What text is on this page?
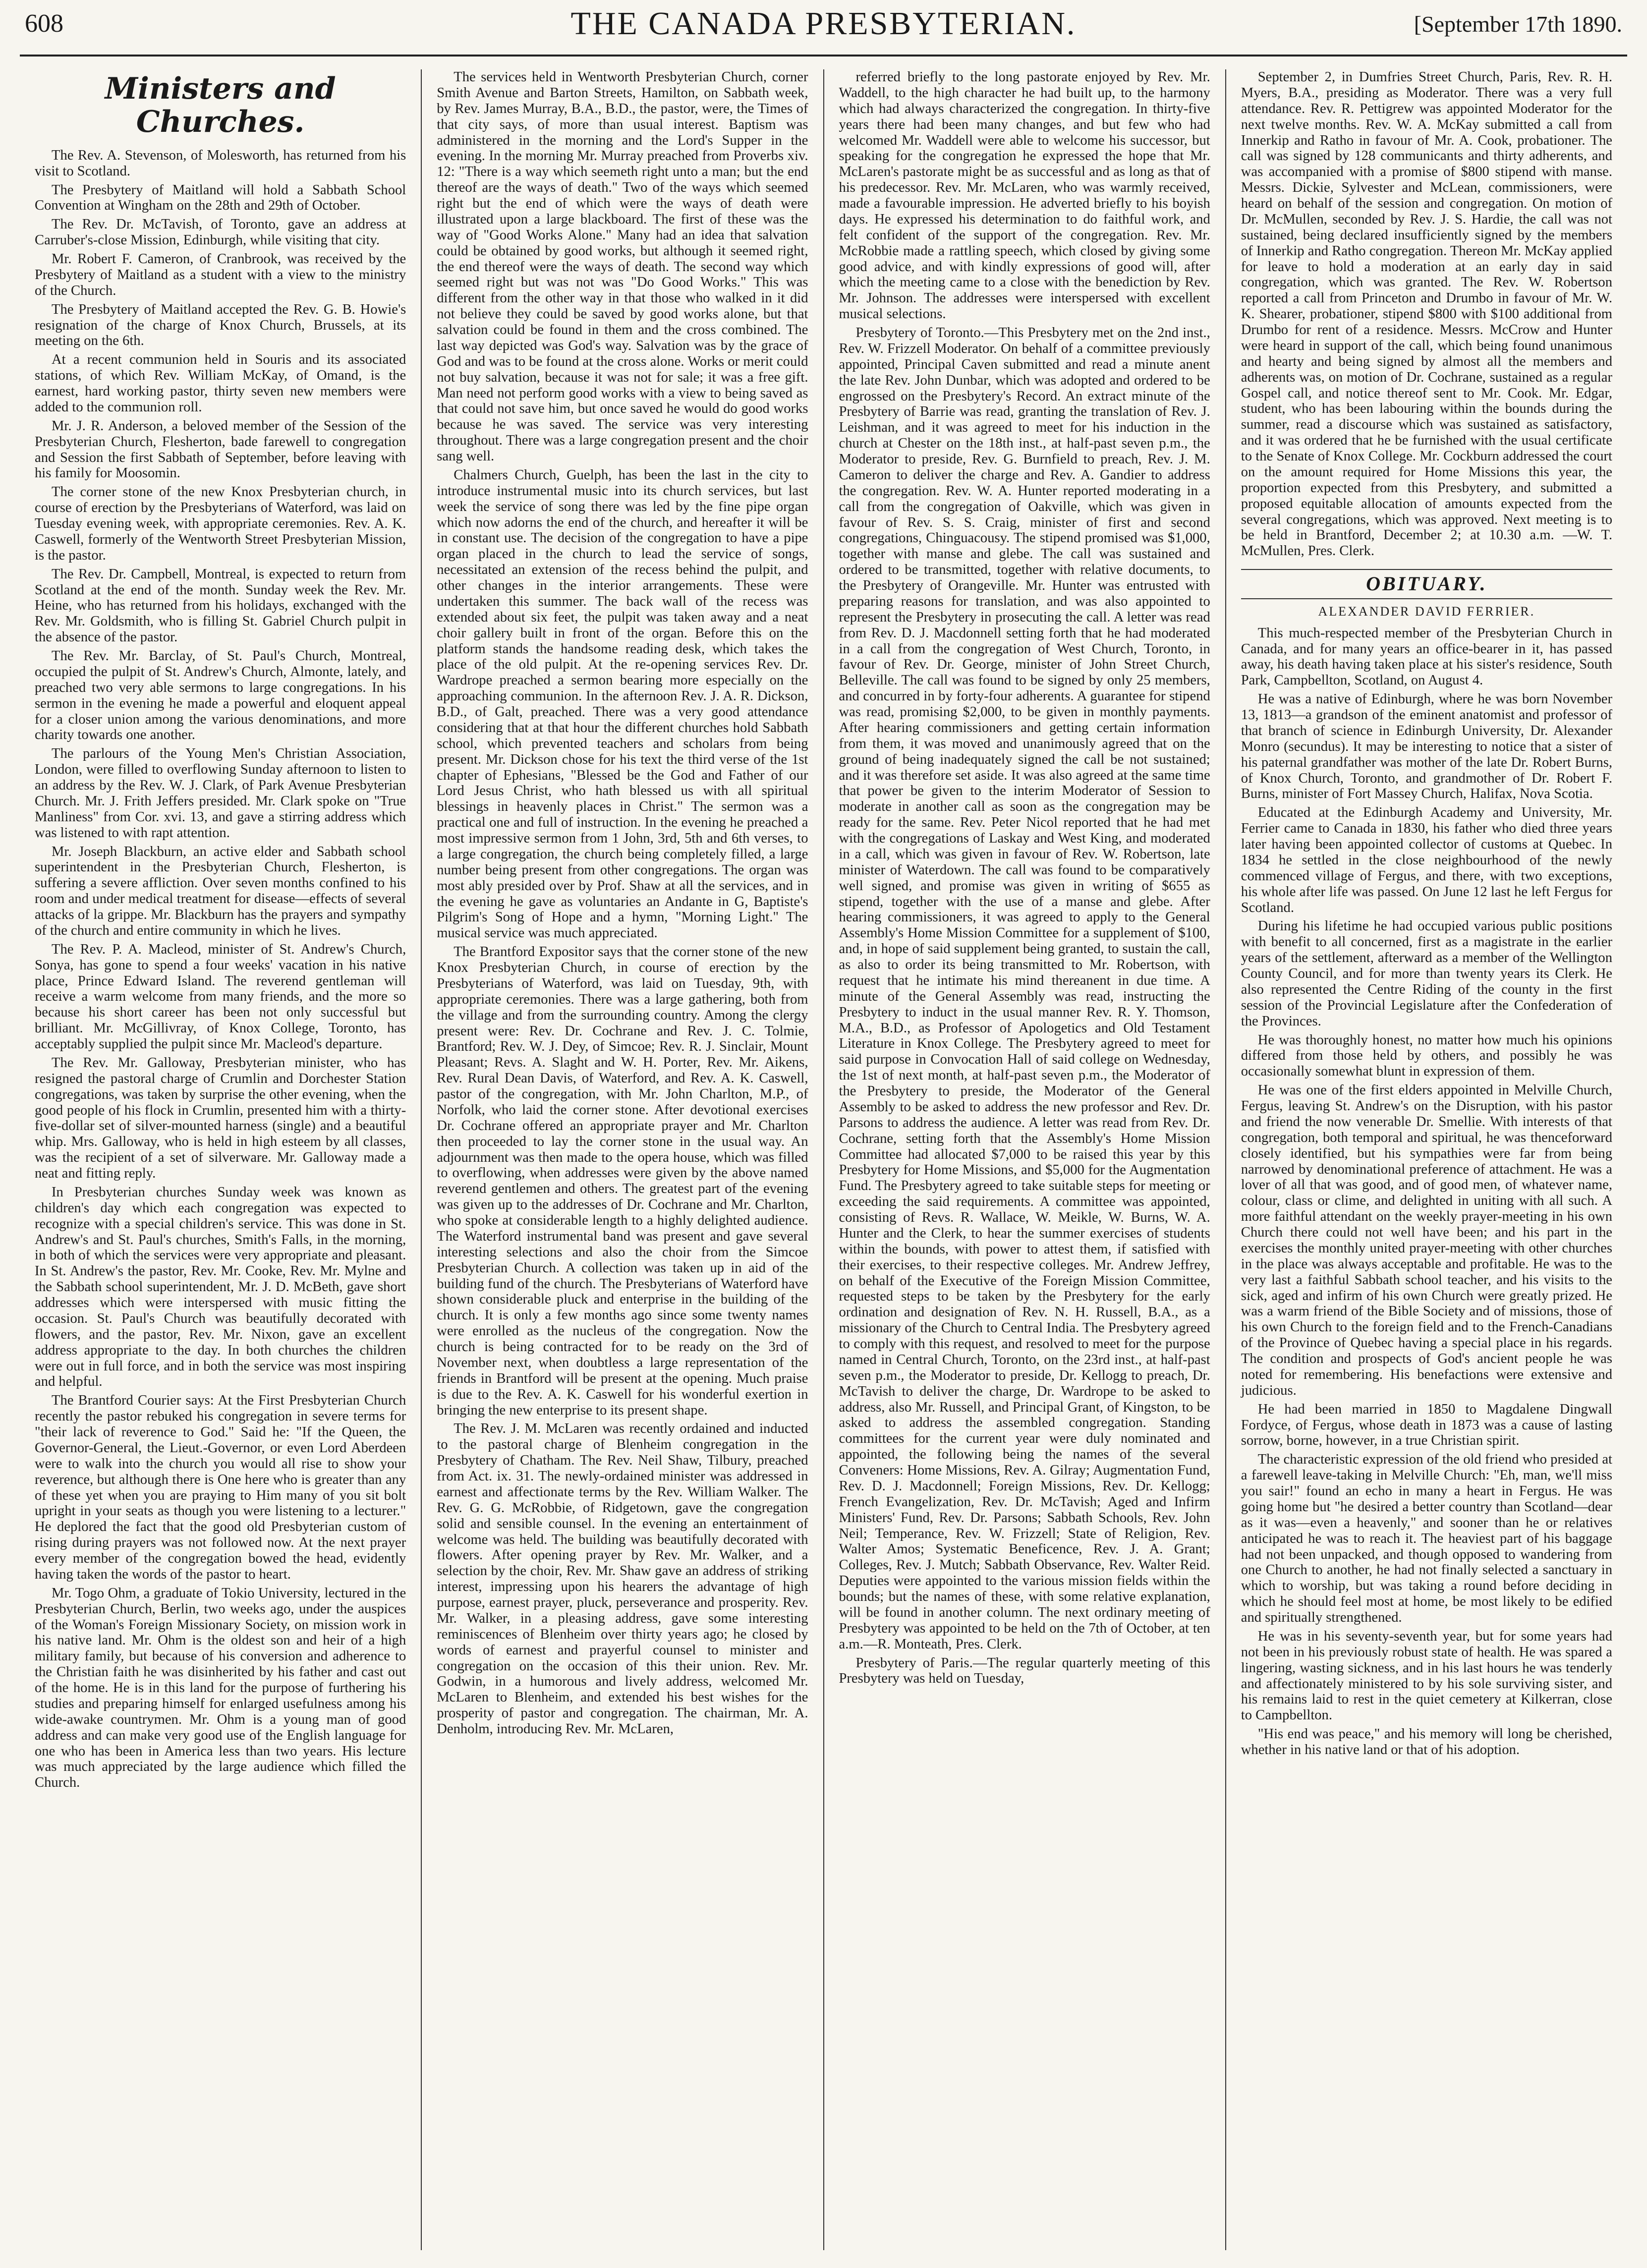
608	THE CANADA PRESBYTERIAN.	[September 17th 1890.
Ministers and Churches.

The Rev. A. Stevenson, of Molesworth, has returned from his visit to Scotland.

The Presbytery of Maitland will hold a Sabbath School Convention at Wingham on the 28th and 29th of October.

The Rev. Dr. McTavish, of Toronto, gave an address at Carruber's-close Mission, Edinburgh, while visiting that city.

Mr. Robert F. Cameron, of Cranbrook, was received by the Presbytery of Maitland as a student with a view to the ministry of the Church.

The Presbytery of Maitland accepted the Rev. G. B. Howie's resignation of the charge of Knox Church, Brussels, at its meeting on the 6th.

At a recent communion held in Souris and its associated stations, of which Rev. William McKay, of Omand, is the earnest, hard working pastor, thirty seven new members were added to the communion roll.

Mr. J. R. Anderson, a beloved member of the Session of the Presbyterian Church, Flesherton, bade farewell to congregation and Session the first Sabbath of September, before leaving with his family for Moosomin.

The corner stone of the new Knox Presbyterian church, in course of erection by the Presbyterians of Waterford, was laid on Tuesday evening week, with appropriate ceremonies. Rev. A. K. Caswell, formerly of the Wentworth Street Presbyterian Mission, is the pastor.

The Rev. Dr. Campbell, Montreal, is expected to return from Scotland at the end of the month. Sunday week the Rev. Mr. Heine, who has returned from his holidays, exchanged with the Rev. Mr. Goldsmith, who is filling St. Gabriel Church pulpit in the absence of the pastor.

The Rev. Mr. Barclay, of St. Paul's Church, Montreal, occupied the pulpit of St. Andrew's Church, Almonte, lately, and preached two very able sermons to large congregations. In his sermon in the evening he made a powerful and eloquent appeal for a closer union among the various denominations, and more charity towards one another.

The parlours of the Young Men's Christian Association, London, were filled to overflowing Sunday afternoon to listen to an address by the Rev. W. J. Clark, of Park Avenue Presbyterian Church. Mr. J. Frith Jeffers presided. Mr. Clark spoke on "True Manliness" from Cor. xvi. 13, and gave a stirring address which was listened to with rapt attention.

Mr. Joseph Blackburn, an active elder and Sabbath school superintendent in the Presbyterian Church, Flesherton, is suffering a severe affliction. Over seven months confined to his room and under medical treatment for disease—effects of several attacks of la grippe. Mr. Blackburn has the prayers and sympathy of the church and entire community in which he lives.

The Rev. P. A. Macleod, minister of St. Andrew's Church, Sonya, has gone to spend a four weeks' vacation in his native place, Prince Edward Island. The reverend gentleman will receive a warm welcome from many friends, and the more so because his short career has been not only successful but brilliant. Mr. McGillivray, of Knox College, Toronto, has acceptably supplied the pulpit since Mr. Macleod's departure.

The Rev. Mr. Galloway, Presbyterian minister, who has resigned the pastoral charge of Crumlin and Dorchester Station congregations, was taken by surprise the other evening, when the good people of his flock in Crumlin, presented him with a thirty-five-dollar set of silver-mounted harness (single) and a beautiful whip. Mrs. Galloway, who is held in high esteem by all classes, was the recipient of a set of silverware. Mr. Galloway made a neat and fitting reply.

In Presbyterian churches Sunday week was known as children's day which each congregation was expected to recognize with a special children's service. This was done in St. Andrew's and St. Paul's churches, Smith's Falls, in the morning, in both of which the services were very appropriate and pleasant. In St. Andrew's the pastor, Rev. Mr. Cooke, Rev. Mr. Mylne and the Sabbath school superintendent, Mr. J. D. McBeth, gave short addresses which were interspersed with music fitting the occasion. St. Paul's Church was beautifully decorated with flowers, and the pastor, Rev. Mr. Nixon, gave an excellent address appropriate to the day. In both churches the children were out in full force, and in both the service was most inspiring and helpful.

The Brantford Courier says: At the First Presbyterian Church recently the pastor rebuked his congregation in severe terms for "their lack of reverence to God." Said he: "If the Queen, the Governor-General, the Lieut.-Governor, or even Lord Aberdeen were to walk into the church you would all rise to show your reverence, but although there is One here who is greater than any of these yet when you are praying to Him many of you sit bolt upright in your seats as though you were listening to a lecturer." He deplored the fact that the good old Presbyterian custom of rising during prayers was not followed now. At the next prayer every member of the congregation bowed the head, evidently having taken the words of the pastor to heart.

Mr. Togo Ohm, a graduate of Tokio University, lectured in the Presbyterian Church, Berlin, two weeks ago, under the auspices of the Woman's Foreign Missionary Society, on mission work in his native land. Mr. Ohm is the oldest son and heir of a high military family, but because of his conversion and adherence to the Christian faith he was disinherited by his father and cast out of the home. He is in this land for the purpose of furthering his studies and preparing himself for enlarged usefulness among his wide-awake countrymen. Mr. Ohm is a young man of good address and can make very good use of the English language for one who has been in America less than two years. His lecture was much appreciated by the large audience which filled the Church.

The services held in Wentworth Presbyterian Church, corner Smith Avenue and Barton Streets, Hamilton, on Sabbath week, by Rev. James Murray, B.A., B.D., the pastor, were, the Times of that city says, of more than usual interest. Baptism was administered in the morning and the Lord's Supper in the evening. In the morning Mr. Murray preached from Proverbs xiv. 12: "There is a way which seemeth right unto a man; but the end thereof are the ways of death." Two of the ways which seemed right but the end of which were the ways of death were illustrated upon a large blackboard. The first of these was the way of "Good Works Alone." Many had an idea that salvation could be obtained by good works, but although it seemed right, the end thereof were the ways of death. The second way which seemed right but was not was "Do Good Works." This was different from the other way in that those who walked in it did not believe they could be saved by good works alone, but that salvation could be found in them and the cross combined. The last way depicted was God's way. Salvation was by the grace of God and was to be found at the cross alone. Works or merit could not buy salvation, because it was not for sale; it was a free gift. Man need not perform good works with a view to being saved as that could not save him, but once saved he would do good works because he was saved. The service was very interesting throughout. There was a large congregation present and the choir sang well.

Chalmers Church, Guelph, has been the last in the city to introduce instrumental music into its church services, but last week the service of song there was led by the fine pipe organ which now adorns the end of the church, and hereafter it will be in constant use. The decision of the congregation to have a pipe organ placed in the church to lead the service of songs, necessitated an extension of the recess behind the pulpit, and other changes in the interior arrangements. These were undertaken this summer. The back wall of the recess was extended about six feet, the pulpit was taken away and a neat choir gallery built in front of the organ. Before this on the platform stands the handsome reading desk, which takes the place of the old pulpit. At the re-opening services Rev. Dr. Wardrope preached a sermon bearing more especially on the approaching communion. In the afternoon Rev. J. A. R. Dickson, B.D., of Galt, preached. There was a very good attendance considering that at that hour the different churches hold Sabbath school, which prevented teachers and scholars from being present. Mr. Dickson chose for his text the third verse of the 1st chapter of Ephesians, "Blessed be the God and Father of our Lord Jesus Christ, who hath blessed us with all spiritual blessings in heavenly places in Christ." The sermon was a practical one and full of instruction. In the evening he preached a most impressive sermon from 1 John, 3rd, 5th and 6th verses, to a large congregation, the church being completely filled, a large number being present from other congregations. The organ was most ably presided over by Prof. Shaw at all the services, and in the evening he gave as voluntaries an Andante in G, Baptiste's Pilgrim's Song of Hope and a hymn, "Morning Light." The musical service was much appreciated.

The Brantford Expositor says that the corner stone of the new Knox Presbyterian Church, in course of erection by the Presbyterians of Waterford, was laid on Tuesday, 9th, with appropriate ceremonies. There was a large gathering, both from the village and from the surrounding country. Among the clergy present were: Rev. Dr. Cochrane and Rev. J. C. Tolmie, Brantford; Rev. W. J. Dey, of Simcoe; Rev. R. J. Sinclair, Mount Pleasant; Revs. A. Slaght and W. H. Porter, Rev. Mr. Aikens, Rev. Rural Dean Davis, of Waterford, and Rev. A. K. Caswell, pastor of the congregation, with Mr. John Charlton, M.P., of Norfolk, who laid the corner stone. After devotional exercises Dr. Cochrane offered an appropriate prayer and Mr. Charlton then proceeded to lay the corner stone in the usual way. An adjournment was then made to the opera house, which was filled to overflowing, when addresses were given by the above named reverend gentlemen and others. The greatest part of the evening was given up to the addresses of Dr. Cochrane and Mr. Charlton, who spoke at considerable length to a highly delighted audience. The Waterford instrumental band was present and gave several interesting selections and also the choir from the Simcoe Presbyterian Church. A collection was taken up in aid of the building fund of the church. The Presbyterians of Waterford have shown considerable pluck and enterprise in the building of the church. It is only a few months ago since some twenty names were enrolled as the nucleus of the congregation. Now the church is being contracted for to be ready on the 3rd of November next, when doubtless a large representation of the friends in Brantford will be present at the opening. Much praise is due to the Rev. A. K. Caswell for his wonderful exertion in bringing the new enterprise to its present shape.

The Rev. J. M. McLaren was recently ordained and inducted to the pastoral charge of Blenheim congregation in the Presbytery of Chatham. The Rev. Neil Shaw, Tilbury, preached from Act. ix. 31. The newly-ordained minister was addressed in earnest and affectionate terms by the Rev. William Walker. The Rev. G. G. McRobbie, of Ridgetown, gave the congregation solid and sensible counsel. In the evening an entertainment of welcome was held. The building was beautifully decorated with flowers. After opening prayer by Rev. Mr. Walker, and a selection by the choir, Rev. Mr. Shaw gave an address of striking interest, impressing upon his hearers the advantage of high purpose, earnest prayer, pluck, perseverance and prosperity. Rev. Mr. Walker, in a pleasing address, gave some interesting reminiscences of Blenheim over thirty years ago; he closed by words of earnest and prayerful counsel to minister and congregation on the occasion of this their union. Rev. Mr. Godwin, in a humorous and lively address, welcomed Mr. McLaren to Blenheim, and extended his best wishes for the prosperity of pastor and congregation. The chairman, Mr. A. Denholm, introducing Rev. Mr. McLaren,

referred briefly to the long pastorate enjoyed by Rev. Mr. Waddell, to the high character he had built up, to the harmony which had always characterized the congregation. In thirty-five years there had been many changes, and but few who had welcomed Mr. Waddell were able to welcome his successor, but speaking for the congregation he expressed the hope that Mr. McLaren's pastorate might be as successful and as long as that of his predecessor. Rev. Mr. McLaren, who was warmly received, made a favourable impression. He adverted briefly to his boyish days. He expressed his determination to do faithful work, and felt confident of the support of the congregation. Rev. Mr. McRobbie made a rattling speech, which closed by giving some good advice, and with kindly expressions of good will, after which the meeting came to a close with the benediction by Rev. Mr. Johnson. The addresses were interspersed with excellent musical selections.

Presbytery of Toronto.—This Presbytery met on the 2nd inst., Rev. W. Frizzell Moderator. On behalf of a committee previously appointed, Principal Caven submitted and read a minute anent the late Rev. John Dunbar, which was adopted and ordered to be engrossed on the Presbytery's Record. An extract minute of the Presbytery of Barrie was read, granting the translation of Rev. J. Leishman, and it was agreed to meet for his induction in the church at Chester on the 18th inst., at half-past seven p.m., the Moderator to preside, Rev. G. Burnfield to preach, Rev. J. M. Cameron to deliver the charge and Rev. A. Gandier to address the congregation. Rev. W. A. Hunter reported moderating in a call from the congregation of Oakville, which was given in favour of Rev. S. S. Craig, minister of first and second congregations, Chinguacousy. The stipend promised was $1,000, together with manse and glebe. The call was sustained and ordered to be transmitted, together with relative documents, to the Presbytery of Orangeville. Mr. Hunter was entrusted with preparing reasons for translation, and was also appointed to represent the Presbytery in prosecuting the call. A letter was read from Rev. D. J. Macdonnell setting forth that he had moderated in a call from the congregation of West Church, Toronto, in favour of Rev. Dr. George, minister of John Street Church, Belleville. The call was found to be signed by only 25 members, and concurred in by forty-four adherents. A guarantee for stipend was read, promising $2,000, to be given in monthly payments. After hearing commissioners and getting certain information from them, it was moved and unanimously agreed that on the ground of being inadequately signed the call be not sustained; and it was therefore set aside. It was also agreed at the same time that power be given to the interim Moderator of Session to moderate in another call as soon as the congregation may be ready for the same. Rev. Peter Nicol reported that he had met with the congregations of Laskay and West King, and moderated in a call, which was given in favour of Rev. W. Robertson, late minister of Waterdown. The call was found to be comparatively well signed, and promise was given in writing of $655 as stipend, together with the use of a manse and glebe. After hearing commissioners, it was agreed to apply to the General Assembly's Home Mission Committee for a supplement of $100, and, in hope of said supplement being granted, to sustain the call, as also to order its being transmitted to Mr. Robertson, with request that he intimate his mind thereanent in due time. A minute of the General Assembly was read, instructing the Presbytery to induct in the usual manner Rev. R. Y. Thomson, M.A., B.D., as Professor of Apologetics and Old Testament Literature in Knox College. The Presbytery agreed to meet for said purpose in Convocation Hall of said college on Wednesday, the 1st of next month, at half-past seven p.m., the Moderator of the Presbytery to preside, the Moderator of the General Assembly to be asked to address the new professor and Rev. Dr. Parsons to address the audience. A letter was read from Rev. Dr. Cochrane, setting forth that the Assembly's Home Mission Committee had allocated $7,000 to be raised this year by this Presbytery for Home Missions, and $5,000 for the Augmentation Fund. The Presbytery agreed to take suitable steps for meeting or exceeding the said requirements. A committee was appointed, consisting of Revs. R. Wallace, W. Meikle, W. Burns, W. A. Hunter and the Clerk, to hear the summer exercises of students within the bounds, with power to attest them, if satisfied with their exercises, to their respective colleges. Mr. Andrew Jeffrey, on behalf of the Executive of the Foreign Mission Committee, requested steps to be taken by the Presbytery for the early ordination and designation of Rev. N. H. Russell, B.A., as a missionary of the Church to Central India. The Presbytery agreed to comply with this request, and resolved to meet for the purpose named in Central Church, Toronto, on the 23rd inst., at half-past seven p.m., the Moderator to preside, Dr. Kellogg to preach, Dr. McTavish to deliver the charge, Dr. Wardrope to be asked to address, also Mr. Russell, and Principal Grant, of Kingston, to be asked to address the assembled congregation. Standing committees for the current year were duly nominated and appointed, the following being the names of the several Conveners: Home Missions, Rev. A. Gilray; Augmentation Fund, Rev. D. J. Macdonnell; Foreign Missions, Rev. Dr. Kellogg; French Evangelization, Rev. Dr. McTavish; Aged and Infirm Ministers' Fund, Rev. Dr. Parsons; Sabbath Schools, Rev. John Neil; Temperance, Rev. W. Frizzell; State of Religion, Rev. Walter Amos; Systematic Beneficence, Rev. J. A. Grant; Colleges, Rev. J. Mutch; Sabbath Observance, Rev. Walter Reid. Deputies were appointed to the various mission fields within the bounds; but the names of these, with some relative explanation, will be found in another column. The next ordinary meeting of Presbytery was appointed to be held on the 7th of October, at ten a.m.—R. Monteath, Pres. Clerk.

Presbytery of Paris.—The regular quarterly meeting of this Presbytery was held on Tuesday,

September 2, in Dumfries Street Church, Paris, Rev. R. H. Myers, B.A., presiding as Moderator. There was a very full attendance. Rev. R. Pettigrew was appointed Moderator for the next twelve months. Rev. W. A. McKay submitted a call from Innerkip and Ratho in favour of Mr. A. Cook, probationer. The call was signed by 128 communicants and thirty adherents, and was accompanied with a promise of $800 stipend with manse. Messrs. Dickie, Sylvester and McLean, commissioners, were heard on behalf of the session and congregation. On motion of Dr. McMullen, seconded by Rev. J. S. Hardie, the call was not sustained, being declared insufficiently signed by the members of Innerkip and Ratho congregation. Thereon Mr. McKay applied for leave to hold a moderation at an early day in said congregation, which was granted. The Rev. W. Robertson reported a call from Princeton and Drumbo in favour of Mr. W. K. Shearer, probationer, stipend $800 with $100 additional from Drumbo for rent of a residence. Messrs. McCrow and Hunter were heard in support of the call, which being found unanimous and hearty and being signed by almost all the members and adherents was, on motion of Dr. Cochrane, sustained as a regular Gospel call, and notice thereof sent to Mr. Cook. Mr. Edgar, student, who has been labouring within the bounds during the summer, read a discourse which was sustained as satisfactory, and it was ordered that he be furnished with the usual certificate to the Senate of Knox College. Mr. Cockburn addressed the court on the amount required for Home Missions this year, the proportion expected from this Presbytery, and submitted a proposed equitable allocation of amounts expected from the several congregations, which was approved. Next meeting is to be held in Brantford, December 2; at 10.30 a.m. —W. T. McMullen, Pres. Clerk.

OBITUARY.
ALEXANDER DAVID FERRIER.

This much-respected member of the Presbyterian Church in Canada, and for many years an office-bearer in it, has passed away, his death having taken place at his sister's residence, South Park, Campbellton, Scotland, on August 4.

He was a native of Edinburgh, where he was born November 13, 1813—a grandson of the eminent anatomist and professor of that branch of science in Edinburgh University, Dr. Alexander Monro (secundus). It may be interesting to notice that a sister of his paternal grandfather was mother of the late Dr. Robert Burns, of Knox Church, Toronto, and grandmother of Dr. Robert F. Burns, minister of Fort Massey Church, Halifax, Nova Scotia.

Educated at the Edinburgh Academy and University, Mr. Ferrier came to Canada in 1830, his father who died three years later having been appointed collector of customs at Quebec. In 1834 he settled in the close neighbourhood of the newly commenced village of Fergus, and there, with two exceptions, his whole after life was passed. On June 12 last he left Fergus for Scotland.

During his lifetime he had occupied various public positions with benefit to all concerned, first as a magistrate in the earlier years of the settlement, afterward as a member of the Wellington County Council, and for more than twenty years its Clerk. He also represented the Centre Riding of the county in the first session of the Provincial Legislature after the Confederation of the Provinces.

He was thoroughly honest, no matter how much his opinions differed from those held by others, and possibly he was occasionally somewhat blunt in expression of them.

He was one of the first elders appointed in Melville Church, Fergus, leaving St. Andrew's on the Disruption, with his pastor and friend the now venerable Dr. Smellie. With interests of that congregation, both temporal and spiritual, he was thenceforward closely identified, but his sympathies were far from being narrowed by denominational preference of attachment. He was a lover of all that was good, and of good men, of whatever name, colour, class or clime, and delighted in uniting with all such. A more faithful attendant on the weekly prayer-meeting in his own Church there could not well have been; and his part in the exercises the monthly united prayer-meeting with other churches in the place was always acceptable and profitable. He was to the very last a faithful Sabbath school teacher, and his visits to the sick, aged and infirm of his own Church were greatly prized. He was a warm friend of the Bible Society and of missions, those of his own Church to the foreign field and to the French-Canadians of the Province of Quebec having a special place in his regards. The condition and prospects of God's ancient people he was noted for remembering. His benefactions were extensive and judicious.

He had been married in 1850 to Magdalene Dingwall Fordyce, of Fergus, whose death in 1873 was a cause of lasting sorrow, borne, however, in a true Christian spirit.

The characteristic expression of the old friend who presided at a farewell leave-taking in Melville Church: "Eh, man, we'll miss you sair!" found an echo in many a heart in Fergus. He was going home but "he desired a better country than Scotland—dear as it was—even a heavenly," and sooner than he or relatives anticipated he was to reach it. The heaviest part of his baggage had not been unpacked, and though opposed to wandering from one Church to another, he had not finally selected a sanctuary in which to worship, but was taking a round before deciding in which he should feel most at home, be most likely to be edified and spiritually strengthened.

He was in his seventy-seventh year, but for some years had not been in his previously robust state of health. He was spared a lingering, wasting sickness, and in his last hours he was tenderly and affectionately ministered to by his sole surviving sister, and his remains laid to rest in the quiet cemetery at Kilkerran, close to Campbellton.

"His end was peace," and his memory will long be cherished, whether in his native land or that of his adoption.
